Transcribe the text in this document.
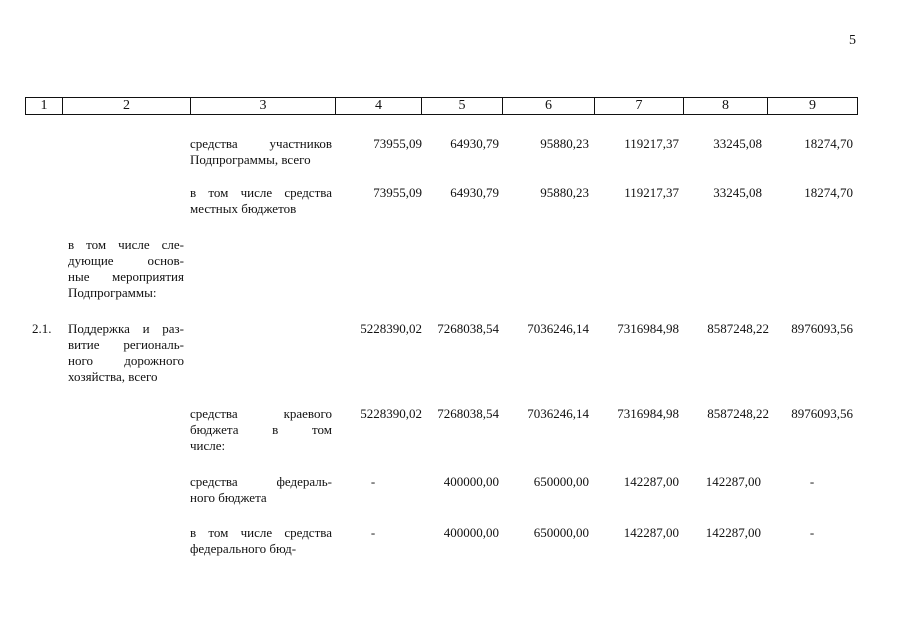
5
1	2	3	4	5	6	7	8	9
средства участников
Подпрограммы, всего
73955,09	64930,79	95880,23	119217,37	33245,08	18274,70
в том числе средства
местных бюджетов
73955,09	64930,79	95880,23	119217,37	33245,08	18274,70
в том числе сле-
дующие основ-
ные мероприятия
Подпрограммы:
2.1. Поддержка и раз-
витие региональ-
ного дорожного
хозяйства, всего
5228390,02	7268038,54	7036246,14	7316984,98	8587248,22	8976093,56
средства краевого
бюджета в том
числе:
5228390,02	7268038,54	7036246,14	7316984,98	8587248,22	8976093,56
средства федераль-
ного бюджета
-	400000,00	650000,00	142287,00	142287,00	-
в том числе средства
федерального бюд-
-	400000,00	650000,00	142287,00	142287,00	-
